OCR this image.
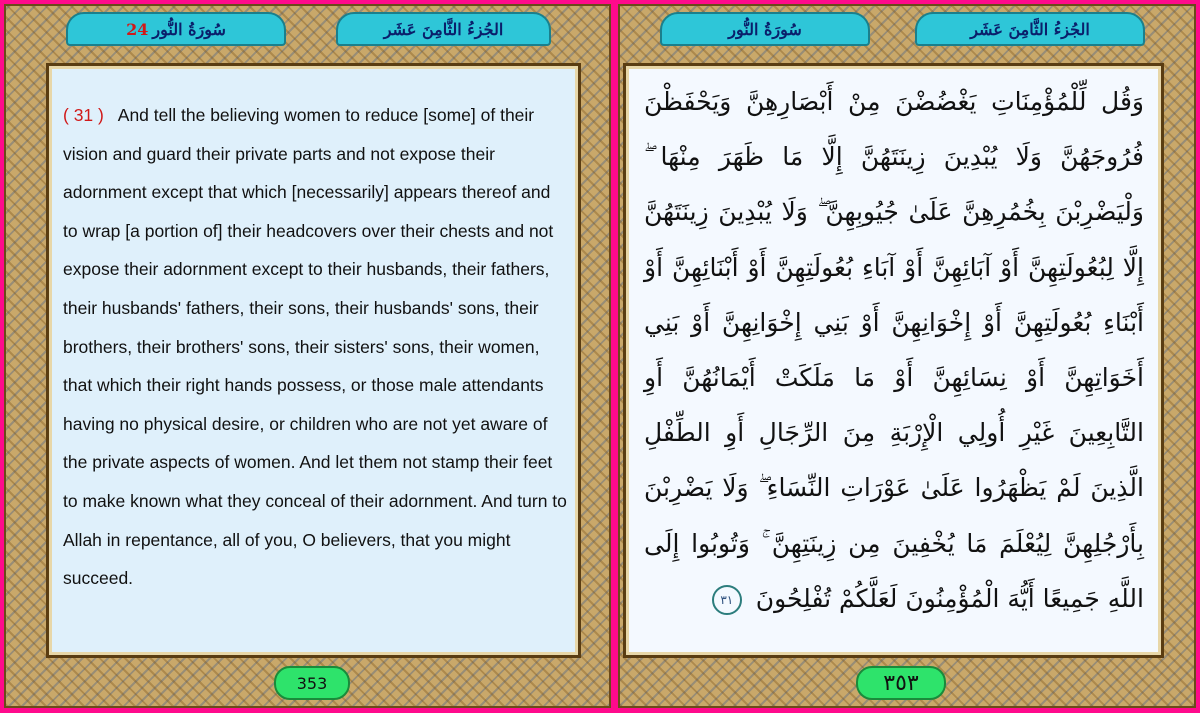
24 سُورَةُ النُّور	الجُزءُ الثَّامِنَ عَشَر
( 31 ) And tell the believing women to reduce [some] of their vision and guard their private parts and not expose their adornment except that which [necessarily] appears thereof and to wrap [a portion of] their headcovers over their chests and not expose their adornment except to their husbands, their fathers, their husbands' fathers, their sons, their husbands' sons, their brothers, their brothers' sons, their sisters' sons, their women, that which their right hands possess, or those male attendants having no physical desire, or children who are not yet aware of the private aspects of women. And let them not stamp their feet to make known what they conceal of their adornment. And turn to Allah in repentance, all of you, O believers, that you might succeed.
353
سُورَةُ النُّور	الجُزءُ الثَّامِنَ عَشَر
وَقُل لِّلْمُؤْمِنَاتِ يَغْضُضْنَ مِنْ أَبْصَارِهِنَّ وَيَحْفَظْنَ فُرُوجَهُنَّ وَلَا يُبْدِينَ زِينَتَهُنَّ إِلَّا مَا ظَهَرَ مِنْهَا ۖ وَلْيَضْرِبْنَ بِخُمُرِهِنَّ عَلَىٰ جُيُوبِهِنَّ ۖ وَلَا يُبْدِينَ زِينَتَهُنَّ إِلَّا لِبُعُولَتِهِنَّ أَوْ آبَائِهِنَّ أَوْ آبَاءِ بُعُولَتِهِنَّ أَوْ أَبْنَائِهِنَّ أَوْ أَبْنَاءِ بُعُولَتِهِنَّ أَوْ إِخْوَانِهِنَّ أَوْ بَنِي إِخْوَانِهِنَّ أَوْ بَنِي أَخَوَاتِهِنَّ أَوْ نِسَائِهِنَّ أَوْ مَا مَلَكَتْ أَيْمَانُهُنَّ أَوِ التَّابِعِينَ غَيْرِ أُولِي الْإِرْبَةِ مِنَ الرِّجَالِ أَوِ الطِّفْلِ الَّذِينَ لَمْ يَظْهَرُوا عَلَىٰ عَوْرَاتِ النِّسَاءِ ۖ وَلَا يَضْرِبْنَ بِأَرْجُلِهِنَّ لِيُعْلَمَ مَا يُخْفِينَ مِن زِينَتِهِنَّ ۚ وَتُوبُوا إِلَى اللَّهِ جَمِيعًا أَيُّهَ الْمُؤْمِنُونَ لَعَلَّكُمْ تُفْلِحُونَ ٣١
٣٥٣
